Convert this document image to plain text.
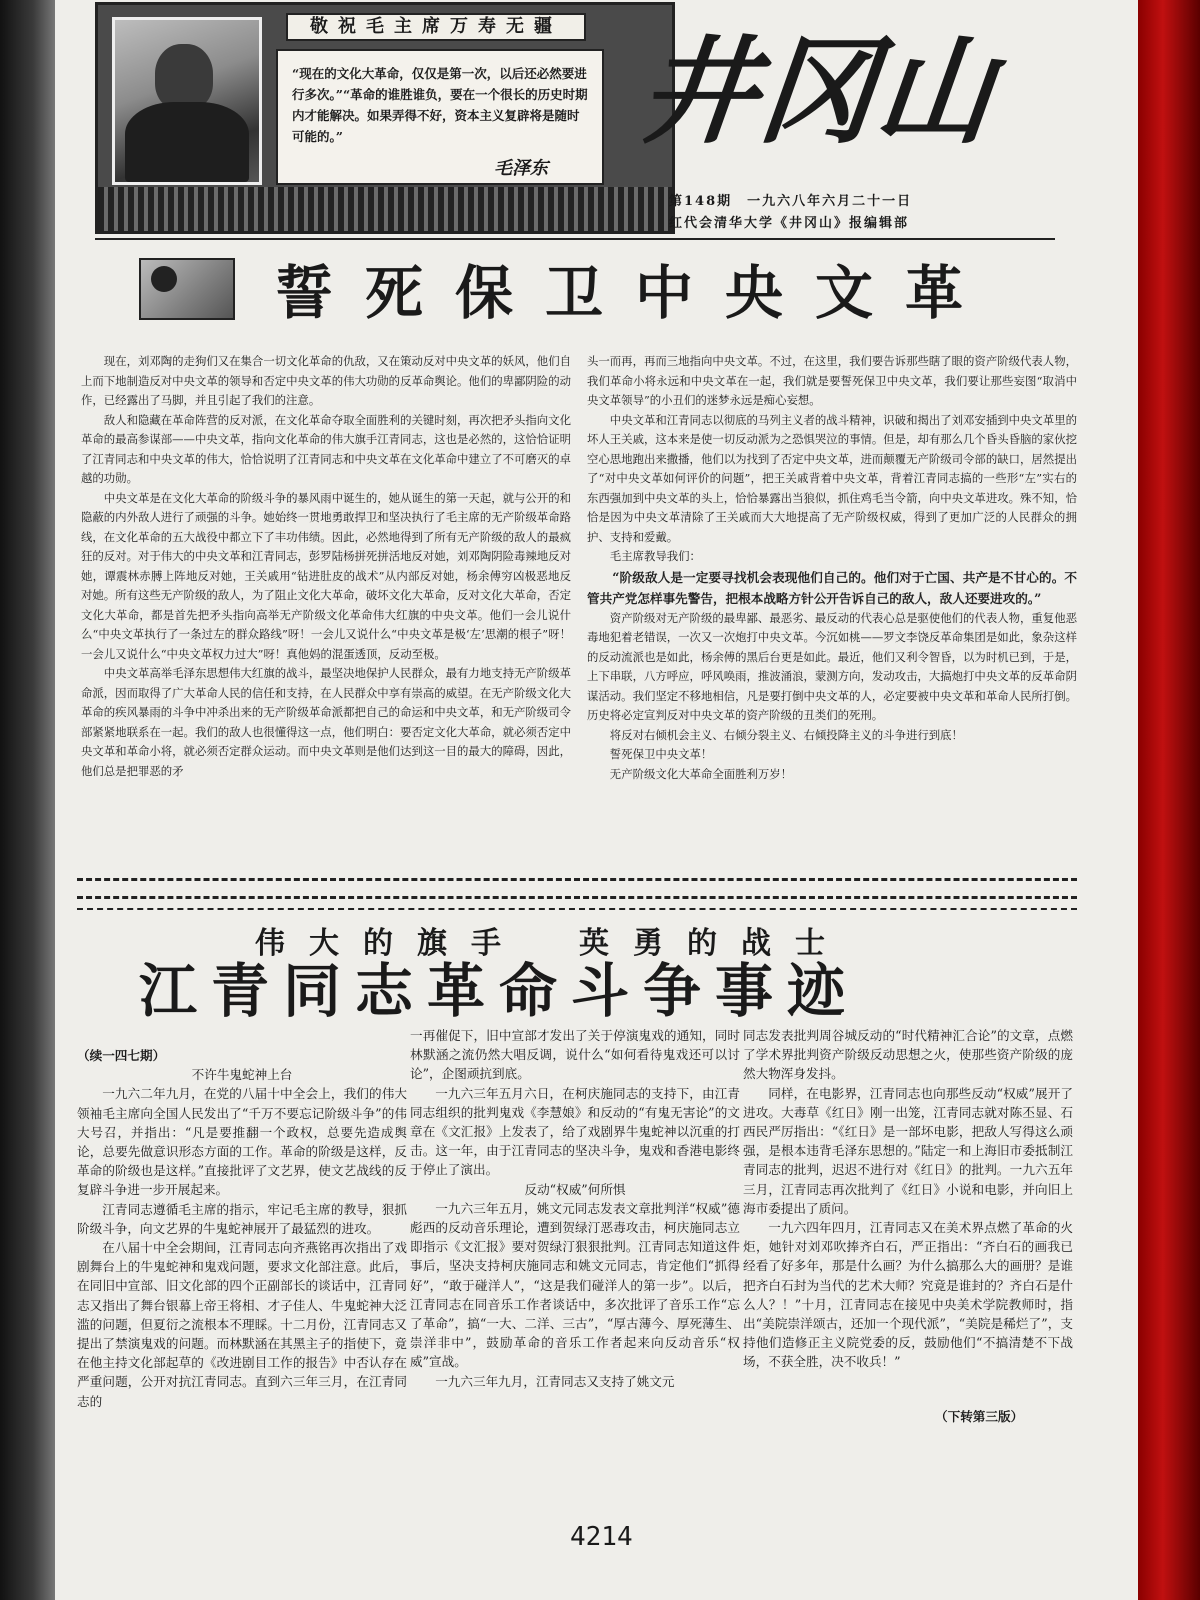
敬祝毛主席万寿无疆
“现在的文化大革命，仅仅是第一次，以后还必然要进行多次。”“革命的谁胜谁负，要在一个很长的历史时期内才能解决。如果弄得不好，资本主义复辟将是随时可能的。”
毛泽东
井冈山
第148期　一九六八年六月二十一日
红代会清华大学《井冈山》报编辑部
誓死保卫中央文革

现在，刘邓陶的走狗们又在集合一切文化革命的仇敌，又在策动反对中央文革的妖风，他们自上而下地制造反对中央文革的领导和否定中央文革的伟大功勋的反革命舆论。他们的卑鄙阴险的动作，已经露出了马脚，并且引起了我们的注意。

敌人和隐藏在革命阵营的反对派，在文化革命夺取全面胜利的关键时刻，再次把矛头指向文化革命的最高参谋部——中央文革，指向文化革命的伟大旗手江青同志，这也是必然的，这恰恰证明了江青同志和中央文革的伟大，恰恰说明了江青同志和中央文革在文化革命中建立了不可磨灭的卓越的功勋。

中央文革是在文化大革命的阶级斗争的暴风雨中诞生的，她从诞生的第一天起，就与公开的和隐蔽的内外敌人进行了顽强的斗争。她始终一贯地勇敢捍卫和坚决执行了毛主席的无产阶级革命路线，在文化革命的五大战役中都立下了丰功伟绩。因此，必然地得到了所有无产阶级的敌人的最疯狂的反对。对于伟大的中央文革和江青同志，彭罗陆杨拼死拼活地反对她，刘邓陶阴险毒辣地反对她，谭震林赤膊上阵地反对她，王关戚用“钻进肚皮的战术”从内部反对她，杨余傅穷凶极恶地反对她。所有这些无产阶级的敌人，为了阻止文化大革命，破坏文化大革命，反对文化大革命，否定文化大革命，都是首先把矛头指向高举无产阶级文化革命伟大红旗的中央文革。他们一会儿说什么“中央文革执行了一条过左的群众路线”呀！一会儿又说什么“中央文革是极‘左’思潮的根子”呀！一会儿又说什么“中央文革权力过大”呀！真他妈的混蛋透顶，反动至极。

中央文革高举毛泽东思想伟大红旗的战斗，最坚决地保护人民群众，最有力地支持无产阶级革命派，因而取得了广大革命人民的信任和支持，在人民群众中享有崇高的威望。在无产阶级文化大革命的疾风暴雨的斗争中冲杀出来的无产阶级革命派都把自己的命运和中央文革，和无产阶级司令部紧紧地联系在一起。我们的敌人也很懂得这一点，他们明白：要否定文化大革命，就必须否定中央文革和革命小将，就必须否定群众运动。而中央文革则是他们达到这一目的最大的障碍，因此，他们总是把罪恶的矛

头一而再，再而三地指向中央文革。不过，在这里，我们要告诉那些瞎了眼的资产阶级代表人物，我们革命小将永远和中央文革在一起，我们就是要誓死保卫中央文革，我们要让那些妄图“取消中央文革领导”的小丑们的迷梦永远是痴心妄想。

中央文革和江青同志以彻底的马列主义者的战斗精神，识破和揭出了刘邓安插到中央文革里的坏人王关戚，这本来是使一切反动派为之恐惧哭泣的事情。但是，却有那么几个昏头昏脑的家伙挖空心思地跑出来撒播，他们以为找到了否定中央文革，进而颠覆无产阶级司令部的缺口，居然提出了“对中央文革如何评价的问题”，把王关戚背着中央文革，背着江青同志搞的一些形“左”实右的东西强加到中央文革的头上，恰恰暴露出当狼似，抓住鸡毛当令箭，向中央文革进攻。殊不知，恰恰是因为中央文革清除了王关戚而大大地提高了无产阶级权威，得到了更加广泛的人民群众的拥护、支持和爱戴。

毛主席教导我们：

“阶级敌人是一定要寻找机会表现他们自己的。他们对于亡国、共产是不甘心的。不管共产党怎样事先警告，把根本战略方针公开告诉自己的敌人，敌人还要进攻的。”

资产阶级对无产阶级的最卑鄙、最恶劣、最反动的代表心总是驱使他们的代表人物，重复他恶毒地犯着老错误，一次又一次炮打中央文革。今沉如桃——罗文李饶反革命集团是如此，象杂这样的反动流派也是如此，杨余傅的黑后台更是如此。最近，他们又利令智昏，以为时机已到，于是，上下串联，八方呼应，呼风唤雨，推波涌浪，蒙测方向，发动攻击，大搞炮打中央文革的反革命阴谋活动。我们坚定不移地相信，凡是要打倒中央文革的人，必定要被中央文革和革命人民所打倒。历史将必定宣判反对中央文革的资产阶级的丑类们的死刑。

将反对右倾机会主义、右倾分裂主义、右倾投降主义的斗争进行到底！

誓死保卫中央文革！

无产阶级文化大革命全面胜利万岁！

伟大的旗手　英勇的战士
江青同志革命斗争事迹

（续一四七期）

不许牛鬼蛇神上台

一九六二年九月，在党的八届十中全会上，我们的伟大领袖毛主席向全国人民发出了“千万不要忘记阶级斗争”的伟大号召，并指出：“凡是要推翻一个政权，总要先造成舆论，总要先做意识形态方面的工作。革命的阶级是这样，反革命的阶级也是这样。”直接批评了文艺界，使文艺战线的反复辟斗争进一步开展起来。

江青同志遵循毛主席的指示，牢记毛主席的教导，狠抓阶级斗争，向文艺界的牛鬼蛇神展开了最猛烈的进攻。

在八届十中全会期间，江青同志向齐燕铭再次指出了戏剧舞台上的牛鬼蛇神和鬼戏问题，要求文化部注意。此后，在同旧中宣部、旧文化部的四个正副部长的谈话中，江青同志又指出了舞台银幕上帝王将相、才子佳人、牛鬼蛇神大泛滥的问题，但夏衍之流根本不理睬。十二月份，江青同志又提出了禁演鬼戏的问题。而林默涵在其黑主子的指使下，竟在他主持文化部起草的《改进剧目工作的报告》中否认存在严重问题，公开对抗江青同志。直到六三年三月，在江青同志的

一再催促下，旧中宣部才发出了关于停演鬼戏的通知，同时林默涵之流仍然大唱反调，说什么“如何看待鬼戏还可以讨论”，企图顽抗到底。

一九六三年五月六日，在柯庆施同志的支持下，由江青同志组织的批判鬼戏《李慧娘》和反动的“有鬼无害论”的文章在《文汇报》上发表了，给了戏剧界牛鬼蛇神以沉重的打击。这一年，由于江青同志的坚决斗争，鬼戏和香港电影终于停止了演出。

反动“权威”何所惧

一九六三年五月，姚文元同志发表文章批判洋“权威”德彪西的反动音乐理论，遭到贺绿汀恶毒攻击，柯庆施同志立即指示《文汇报》要对贺绿汀狠狠批判。江青同志知道这件事后，坚决支持柯庆施同志和姚文元同志，肯定他们“抓得好”，“敢于碰洋人”，“这是我们碰洋人的第一步”。以后，江青同志在同音乐工作者谈话中，多次批评了音乐工作“忘了革命”，搞“一大、二洋、三古”，“厚古薄今、厚死薄生、崇洋非中”，鼓励革命的音乐工作者起来向反动音乐“权威”宣战。

一九六三年九月，江青同志又支持了姚文元

同志发表批判周谷城反动的“时代精神汇合论”的文章，点燃了学术界批判资产阶级反动思想之火，使那些资产阶级的庞然大物浑身发抖。

同样，在电影界，江青同志也向那些反动“权威”展开了进攻。大毒草《红日》刚一出笼，江青同志就对陈丕显、石西民严厉指出：“《红日》是一部坏电影，把敌人写得这么顽强，是根本违背毛泽东思想的。”陆定一和上海旧市委抵制江青同志的批判，迟迟不进行对《红日》的批判。一九六五年三月，江青同志再次批判了《红日》小说和电影，并向旧上海市委提出了质问。

一九六四年四月，江青同志又在美术界点燃了革命的火炬，她针对刘邓吹捧齐白石，严正指出：“齐白石的画我已经看了好多年，那是什么画？为什么搞那么大的画册？是谁把齐白石封为当代的艺术大师？究竟是谁封的？齐白石是什么人？！”十月，江青同志在接见中央美术学院教师时，指出“美院崇洋颂古，还加一个现代派”，“美院是稀烂了”，支持他们造修正主义院党委的反，鼓励他们“不搞清楚不下战场，不获全胜，决不收兵！”

（下转第三版）
4214
